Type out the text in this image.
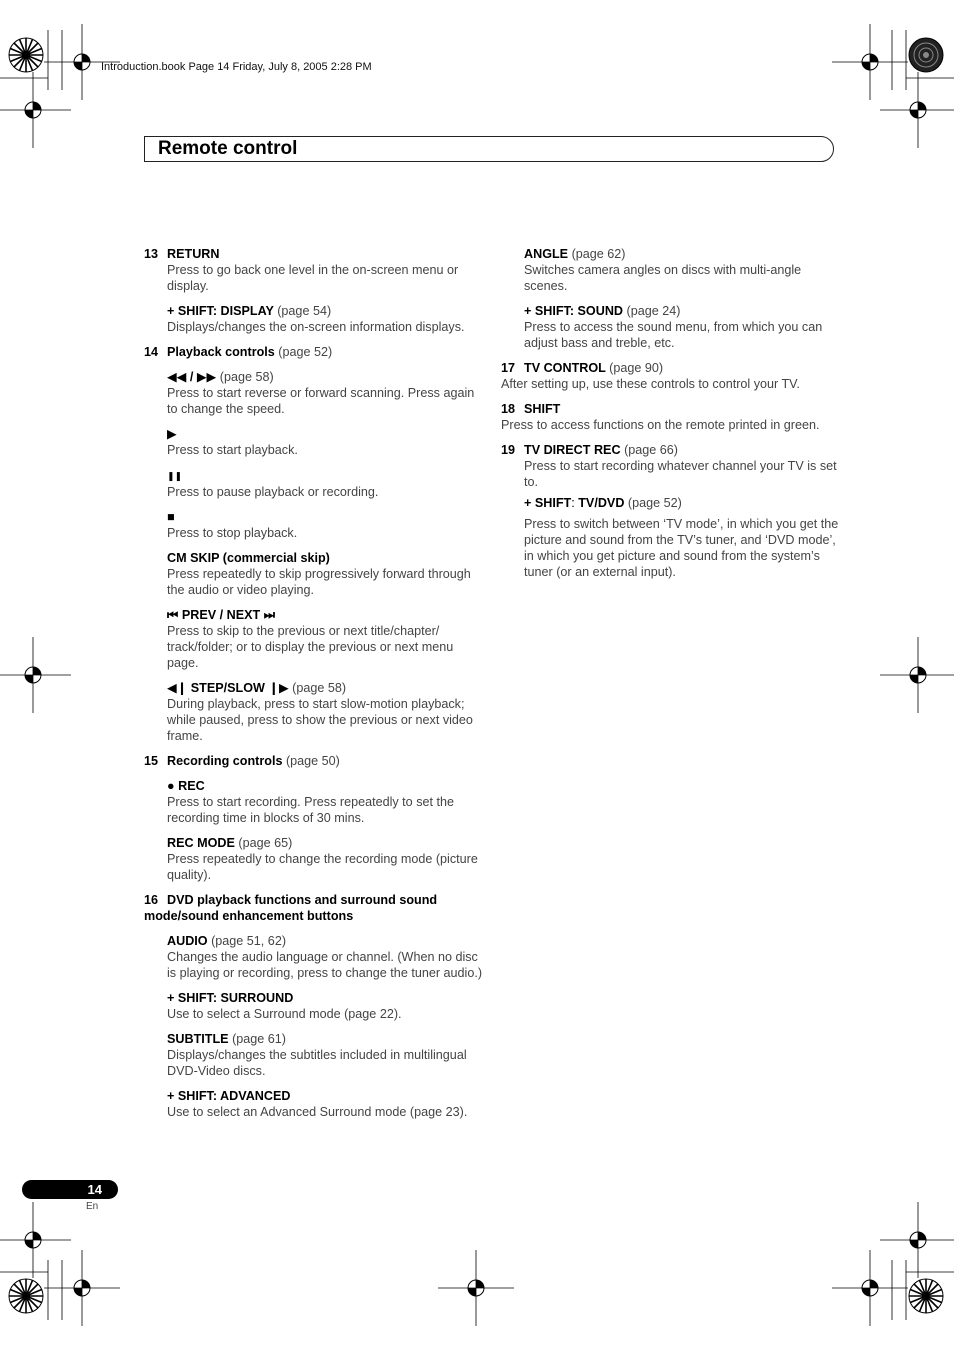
Introduction.book Page 14 Friday, July 8, 2005 2:28 PM
Remote control
13 RETURN
Press to go back one level in the on-screen menu or display.
+ SHIFT: DISPLAY (page 54)
Displays/changes the on-screen information displays.
14 Playback controls (page 52)
◀◀ / ▶▶ (page 58)
Press to start reverse or forward scanning. Press again to change the speed.
▶
Press to start playback.
❚❚
Press to pause playback or recording.
■
Press to stop playback.
CM SKIP (commercial skip)
Press repeatedly to skip progressively forward through the audio or video playing.
⏮ PREV / NEXT ⏭
Press to skip to the previous or next title/chapter/ track/folder; or to display the previous or next menu page.
◀❙ STEP/SLOW ❙▶ (page 58)
During playback, press to start slow-motion playback; while paused, press to show the previous or next video frame.
15 Recording controls (page 50)
● REC
Press to start recording. Press repeatedly to set the recording time in blocks of 30 mins.
REC MODE (page 65)
Press repeatedly to change the recording mode (picture quality).
16 DVD playback functions and surround sound mode/sound enhancement buttons
AUDIO (page 51, 62)
Changes the audio language or channel. (When no disc is playing or recording, press to change the tuner audio.)
+ SHIFT: SURROUND
Use to select a Surround mode (page 22).
SUBTITLE (page 61)
Displays/changes the subtitles included in multilingual DVD-Video discs.
+ SHIFT: ADVANCED
Use to select an Advanced Surround mode (page 23).
ANGLE (page 62)
Switches camera angles on discs with multi-angle scenes.
+ SHIFT: SOUND (page 24)
Press to access the sound menu, from which you can adjust bass and treble, etc.
17 TV CONTROL (page 90)
After setting up, use these controls to control your TV.
18 SHIFT
Press to access functions on the remote printed in green.
19 TV DIRECT REC (page 66)
Press to start recording whatever channel your TV is set to.
+ SHIFT: TV/DVD (page 52)
Press to switch between ‘TV mode’, in which you get the picture and sound from the TV’s tuner, and ‘DVD mode’, in which you get picture and sound from the system’s tuner (or an external input).
14
En
